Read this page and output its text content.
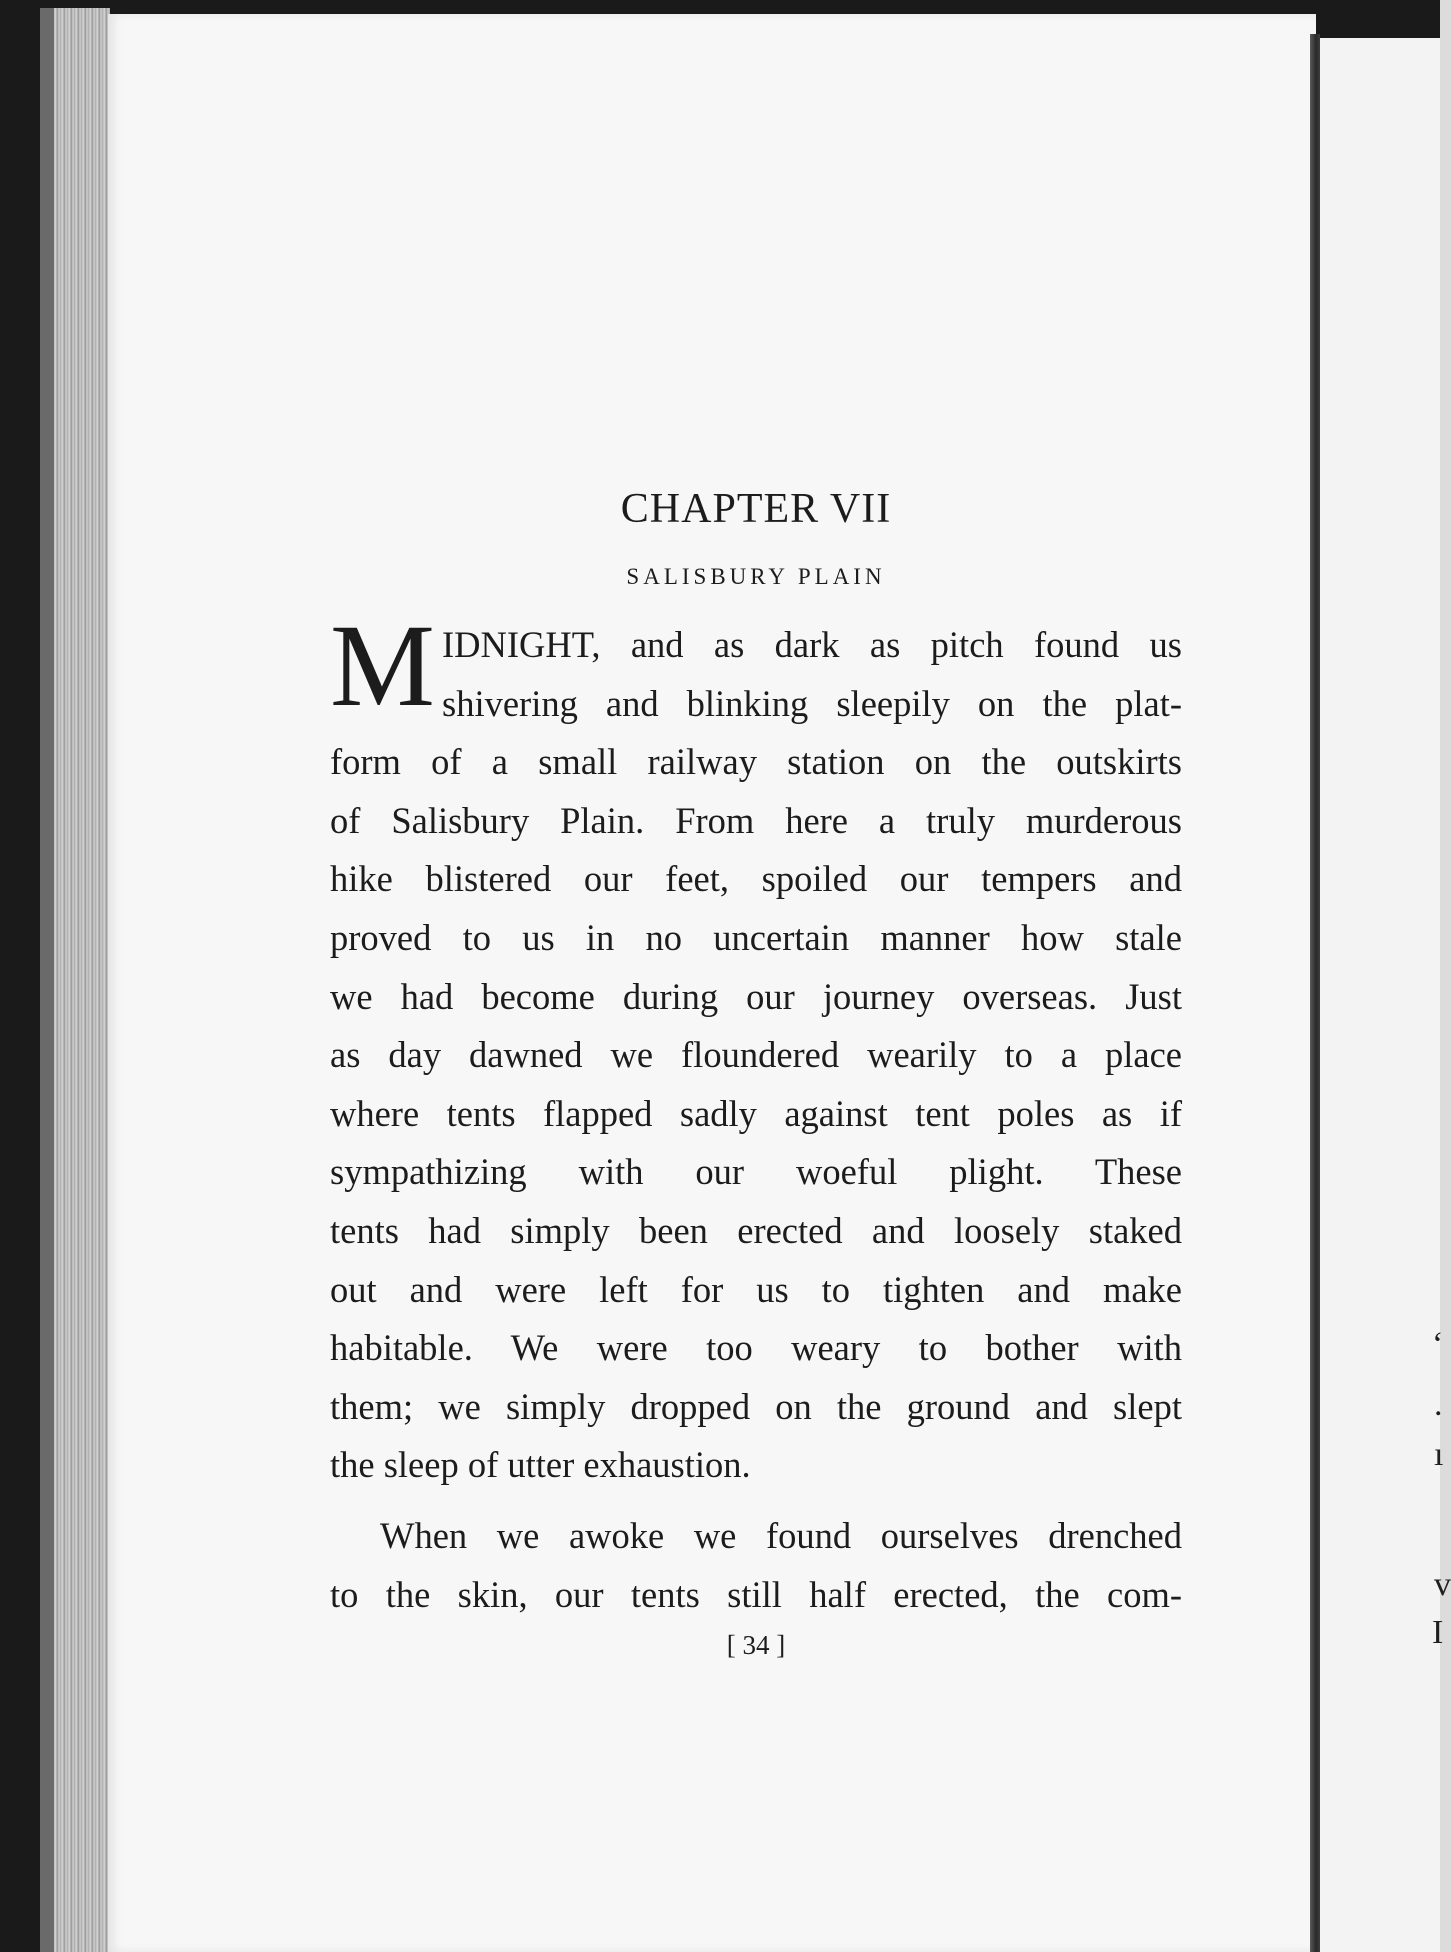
CHAPTER VII
SALISBURY PLAIN
M IDNIGHT, and as dark as pitch found us
shivering and blinking sleepily on the plat-
form of a small railway station on the outskirts
of Salisbury Plain. From here a truly murderous
hike blistered our feet, spoiled our tempers and
proved to us in no uncertain manner how stale
we had become during our journey overseas. Just
as day dawned we floundered wearily to a place
where tents flapped sadly against tent poles as if
sympathizing with our woeful plight. These
tents had simply been erected and loosely staked
out and were left for us to tighten and make
habitable. We were too weary to bother with
them; we simply dropped on the ground and slept
the sleep of utter exhaustion.
When we awoke we found ourselves drenched
to the skin, our tents still half erected, the com-
[ 34 ]
‘
.
ı
v
I
